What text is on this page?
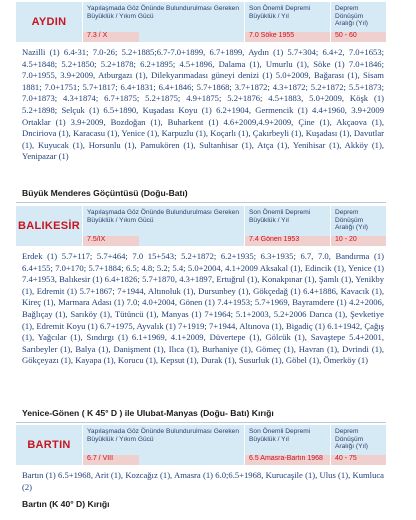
AYDIN
Yapılaşmada Göz Önünde Bulundurulması Gereken Büyüklük / Yıkım Gücü
7.3 / X
Son Önemli Depremi Büyüklük / Yıl
7.0 Söke 1955
Deprem Dönüşüm Aralığı (Yıl)
50 - 60
Nazilli (1) 6.4-31; 7.0-26; 5.2+1885;6.7-7.0+1899, 6.7+1899, Aydın (1) 5.7+304; 6.4+2, 7.0+1653; 4.5+1848; 5.2+1850; 5.2+1878; 6.2+1895; 4.5+1896, Dalama (1), Umurlu (1), Söke (1) 7.0+1846; 7.0+1955, 3.9+2009, Atburgazı (1), Dilekyarımadası güneyi denizi (1) 5.0+2009, Bağarası (1), Sisam 1881; 7.0+1751; 5.7+1817; 6.4+1831; 6.4+1846; 5.7+1868; 3.7+1872; 4.3+1872; 5.2+1872; 5.5+1873; 7.0+1873; 4.3+1874; 6.7+1875; 5.2+1875; 4.9+1875; 5.2+1876; 4.5+1883, 5.0+2009, Köşk (1) 5.2+1898; Selçuk (1) 6.5+1890, Kuşadası Koyu (1) 6.2+1904, Germencik (1) 4.4+1960, 3.9+2009 Ortaklar (1) 3.9+2009, Bozdoğan (1), Buharkent (1) 4.6+2009,4.9+2009, Çine (1), Akçaova (1), Dnciriova (1), Karacasu (1), Yenice (1), Karpuzlu (1), Koçarlı (1), Çakırbeyli (1), Kuşadası (1), Davutlar (1), Kuyucak (1), Horsunlu (1), Pamukören (1), Sultanhisar (1), Atça (1), Yenihisar (1), Akköy (1), Yenipazar (1)
Büyük Menderes Göçüntüsü (Doğu-Batı)
BALIKESİR
Yapılaşmada Göz Önünde Bulundurulması Gereken Büyüklük / Yıkım Gücü
7.5/IX
Son Önemli Depremi Büyüklük / Yıl
7.4 Gönen 1953
Deprem Dönüşüm Aralığı (Yıl)
10 - 20
Erdek (1) 5.7+117; 5.7+464; 7.0 15+543; 5.2+1872; 6.2+1935; 6.3+1935; 6.7, 7.0, Bandırma (1) 6.4+155; 7.0+170; 5.7+1884; 6.5; 4.8; 5.2; 5.4; 5.0+2004, 4.1+2009 Aksakal (1), Edincik (1), Yenice (1) 7.4+1953, Balıkesir (1) 6.4+1826; 5.7+1870, 4.3+1897, Ertuğrul (1), Konakpınar (1), Şamlı (1), Yenikby (1), Edremit (1) 5.7+1867; 7+1944, Altınoluk (1), Dursunbey (1), Gökçedağ (1) 6.4+1886, Kavacık (1), Kireç (1), Marmara Adası (1) 7.0; 4.0+2004, Gönen (1) 7.4+1953; 5.7+1969, Bayramdere (1) 4.2+2006, Bağlıçay (1), Sarıköy (1), Tütüncü (1), Manyas (1) 7+1964; 5.1+2003, 5.2+2006 Darıca (1), Şevketiye (1), Edremit Koyu (1) 6.7+1975, Ayvalık (1) 7+1919; 7+1944, Altınova (1), Bigadiç (1) 6.1+1942, Çağış (1), Yağcılar (1), Sındırgı (1) 6.1+1969, 4.1+2009, Düvertepe (1), Gölcük (1), Savaştepe 5.4+2001, Sarıbeyler (1), Balya (1), Danişment (1), Ilıca (1), Burhaniye (1), Gömeç (1), Havran (1), Dvrindi (1), Gökçeyazı (1), Kayapa (1), Korucu (1), Kepsut (1), Durak (1), Susurluk (1), Göbel (1), Ömerköy (1)
Yenice-Gönen ( K 45° D ) ile Ulubat-Manyas (Doğu- Batı) Kırığı
BARTIN
Yapılaşmada Göz Önünde Bulundurulması Gereken Büyüklük / Yıkım Gücü
6.7 / VIII
Son Önemli Depremi Büyüklük / Yıl
6.5 Amasra-Bartın 1968
Deprem Dönüşüm Aralığı (Yıl)
40 - 75
Bartın (1) 6.5+1968, Arit (1), Kozcağız (1), Amasra (1) 6.0;6.5+1968, Kurucaşile (1), Ulus (1), Kumluca (2)
Bartın (K 40° D) Kırığı
